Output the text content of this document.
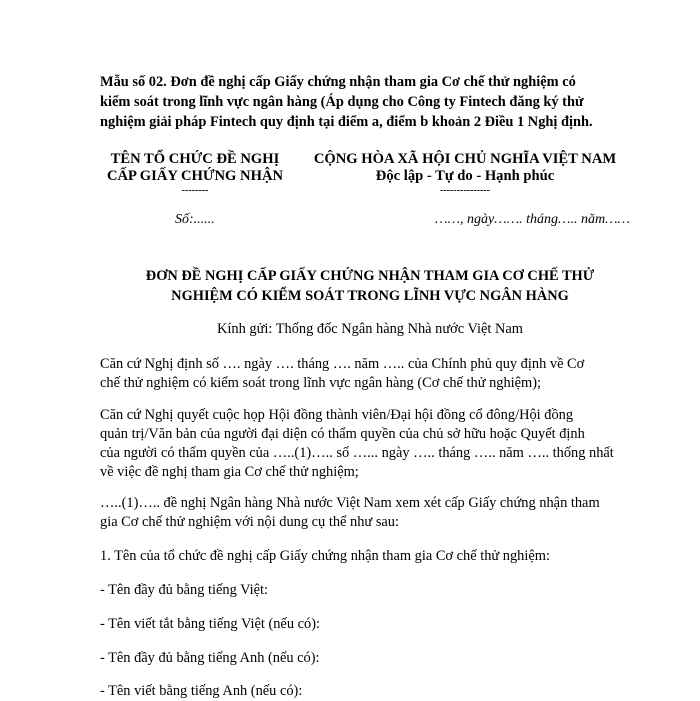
Mẫu số 02. Đơn đề nghị cấp Giấy chứng nhận tham gia Cơ chế thử nghiệm có
kiểm soát trong lĩnh vực ngân hàng (Áp dụng cho Công ty Fintech đăng ký thử
nghiệm giải pháp Fintech quy định tại điểm a, điểm b khoản 2 Điều 1 Nghị định.
TÊN TỔ CHỨC ĐỀ NGHỊ
CẤP GIẤY CHỨNG NHẬN
--------
CỘNG HÒA XÃ HỘI CHỦ NGHĨA VIỆT NAM
Độc lập - Tự do - Hạnh phúc
---------------
Số:......	……, ngày……. tháng….. năm……
ĐƠN ĐỀ NGHỊ CẤP GIẤY CHỨNG NHẬN THAM GIA CƠ CHẾ THỬ
NGHIỆM CÓ KIỂM SOÁT TRONG LĨNH VỰC NGÂN HÀNG
Kính gửi: Thống đốc Ngân hàng Nhà nước Việt Nam
Căn cứ Nghị định số …. ngày …. tháng …. năm ….. của Chính phủ quy định về Cơ
chế thử nghiệm có kiểm soát trong lĩnh vực ngân hàng (Cơ chế thử nghiệm);
Căn cứ Nghị quyết cuộc họp Hội đồng thành viên/Đại hội đồng cổ đông/Hội đồng
quản trị/Văn bản của người đại diện có thẩm quyền của chủ sở hữu hoặc Quyết định
của người có thẩm quyền của …..(1)….. số …... ngày ….. tháng ….. năm ….. thống nhất
về việc đề nghị tham gia Cơ chế thử nghiệm;
…..(1)….. đề nghị Ngân hàng Nhà nước Việt Nam xem xét cấp Giấy chứng nhận tham
gia Cơ chế thử nghiệm với nội dung cụ thể như sau:
1. Tên của tổ chức đề nghị cấp Giấy chứng nhận tham gia Cơ chế thử nghiệm:
- Tên đầy đủ bằng tiếng Việt:
- Tên viết tắt bằng tiếng Việt (nếu có):
- Tên đầy đủ bằng tiếng Anh (nếu có):
- Tên viết bằng tiếng Anh (nếu có):
